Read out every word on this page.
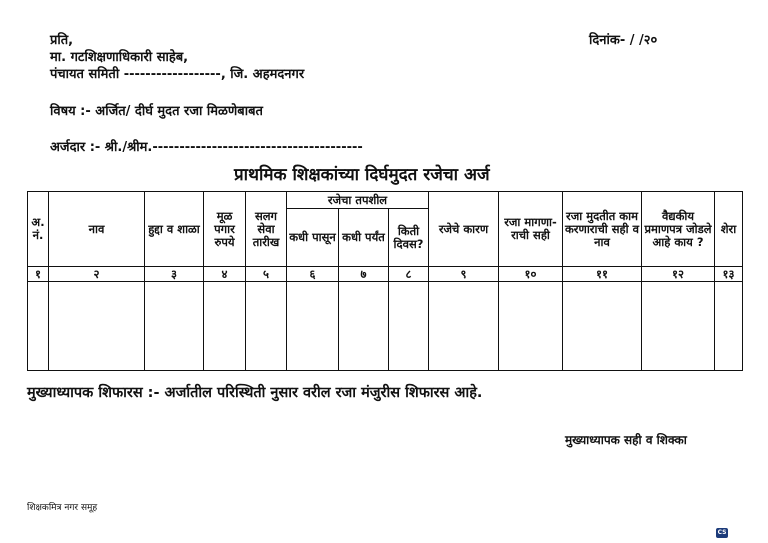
प्रति,
मा. गटशिक्षणाधिकारी साहेब,
पंचायत समिती ------------------, जि. अहमदनगर
दिनांक- / /२०
विषय :- अर्जित/ दीर्घ मुदत रजा मिळणेबाबत
अर्जदार :- श्री./श्रीम.---------------------------------------
प्राथमिक शिक्षकांच्या दिर्घमुदत रजेचा अर्ज
अ. नं.	नाव	हुद्दा व शाळा	मूळ पगार रुपये	सलग सेवा तारीख	रजेचा तपशील			रजेचे कारण	रजा मागणा-राची सही	रजा मुदतीत काम करणाराची सही व नाव	वैद्यकीय प्रमाणपत्र जोडले आहे काय ?	शेरा
					कधी पासून	कधी पर्यंत	किती दिवस?					
१	२	३	४	५	६	७	८	९	१०	११	१२	१३

मुख्याध्यापक शिफारस :- अर्जातील परिस्थिती नुसार वरील रजा मंजुरीस शिफारस आहे.
मुख्याध्यापक सही व शिक्का
शिक्षकमित्र नगर समूह
CS
